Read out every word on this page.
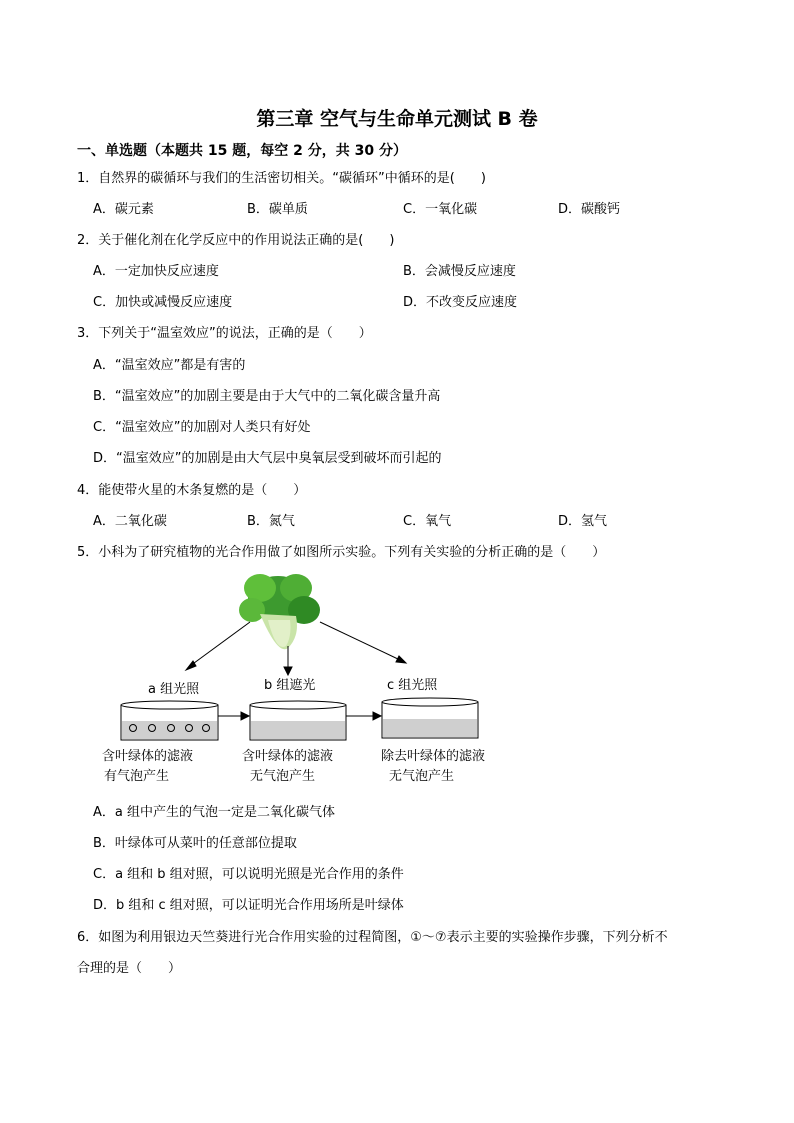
第三章 空气与生命单元测试 B 卷
一、单选题（本题共 15 题，每空 2 分，共 30 分）
1．自然界的碳循环与我们的生活密切相关。“碳循环”中循环的是(　　)
A．碳元素	B．碳单质	C．一氧化碳	D．碳酸钙
2．关于催化剂在化学反应中的作用说法正确的是(　　)
A．一定加快反应速度	B．会减慢反应速度
C．加快或减慢反应速度	D．不改变反应速度
3．下列关于“温室效应”的说法，正确的是（　　）
A．“温室效应”都是有害的
B．“温室效应”的加剧主要是由于大气中的二氧化碳含量升高
C．“温室效应”的加剧对人类只有好处
D．“温室效应”的加剧是由大气层中臭氧层受到破坏而引起的
4．能使带火星的木条复燃的是（　　）
A．二氧化碳	B．氮气	C．氧气	D．氢气
5．小科为了研究植物的光合作用做了如图所示实验。下列有关实验的分析正确的是（　　）
a 组光照	b 组遮光	c 组光照
含叶绿体的滤液
有气泡产生
含叶绿体的滤液
无气泡产生
除去叶绿体的滤液
无气泡产生
A．a 组中产生的气泡一定是二氧化碳气体
B．叶绿体可从菜叶的任意部位提取
C．a 组和 b 组对照，可以说明光照是光合作用的条件
D．b 组和 c 组对照，可以证明光合作用场所是叶绿体
6．如图为利用银边天竺葵进行光合作用实验的过程简图，①～⑦表示主要的实验操作步骤，下列分析不
合理的是（　　）
